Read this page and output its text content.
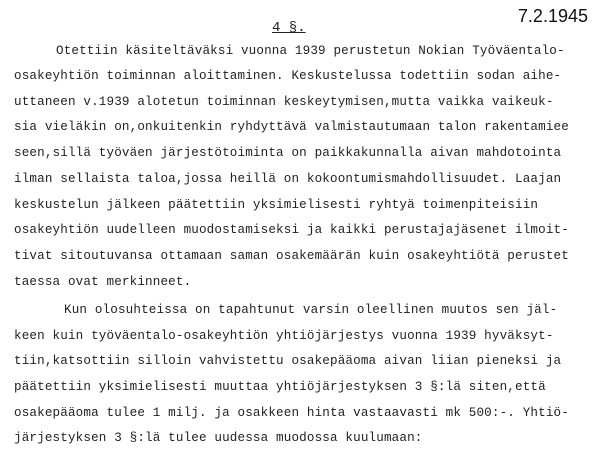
7.2.1945
4 §.
Otettiin käsiteltäväksi vuonna 1939 perustetun Nokian Työväentalo-
osakeyhtiön toiminnan aloittaminen. Keskustelussa todettiin sodan aihe-
uttaneen v.1939 alotetun toiminnan keskeytymisen,mutta vaikka vaikeuk-
sia vieläkin on,onkuitenkin ryhdyttävä valmistautumaan talon rakentamiee
seen,sillä työväen järjestötoiminta on paikkakunnalla aivan mahdotointa
ilman sellaista taloa,jossa heillä on kokoontumismahdollisuudet. Laajan
keskustelun jälkeen päätettiin yksimielisesti ryhtyä toimenpiteisiin
osakeyhtiön uudelleen muodostamiseksi ja kaikki perustajajäsenet ilmoit-
tivat sitoutuvansa ottamaan saman osakemäärän kuin osakeyhtiötä perustet
taessa ovat merkinneet.
Kun olosuhteissa on tapahtunut varsin oleellinen muutos sen jäl-
keen kuin työväentalo-osakeyhtiön yhtiöjärjestys vuonna 1939 hyväksyt-
tiin,katsottiin silloin vahvistettu osakepääoma aivan liian pieneksi ja
päätettiin yksimielisesti muuttaa yhtiöjärjestyksen 3 §:lä siten,että
osakepääoma tulee 1 milj. ja osakkeen hinta vastaavasti mk 500:-. Yhtiö-
järjestyksen 3 §:lä tulee uudessa muodossa kuulumaan:
